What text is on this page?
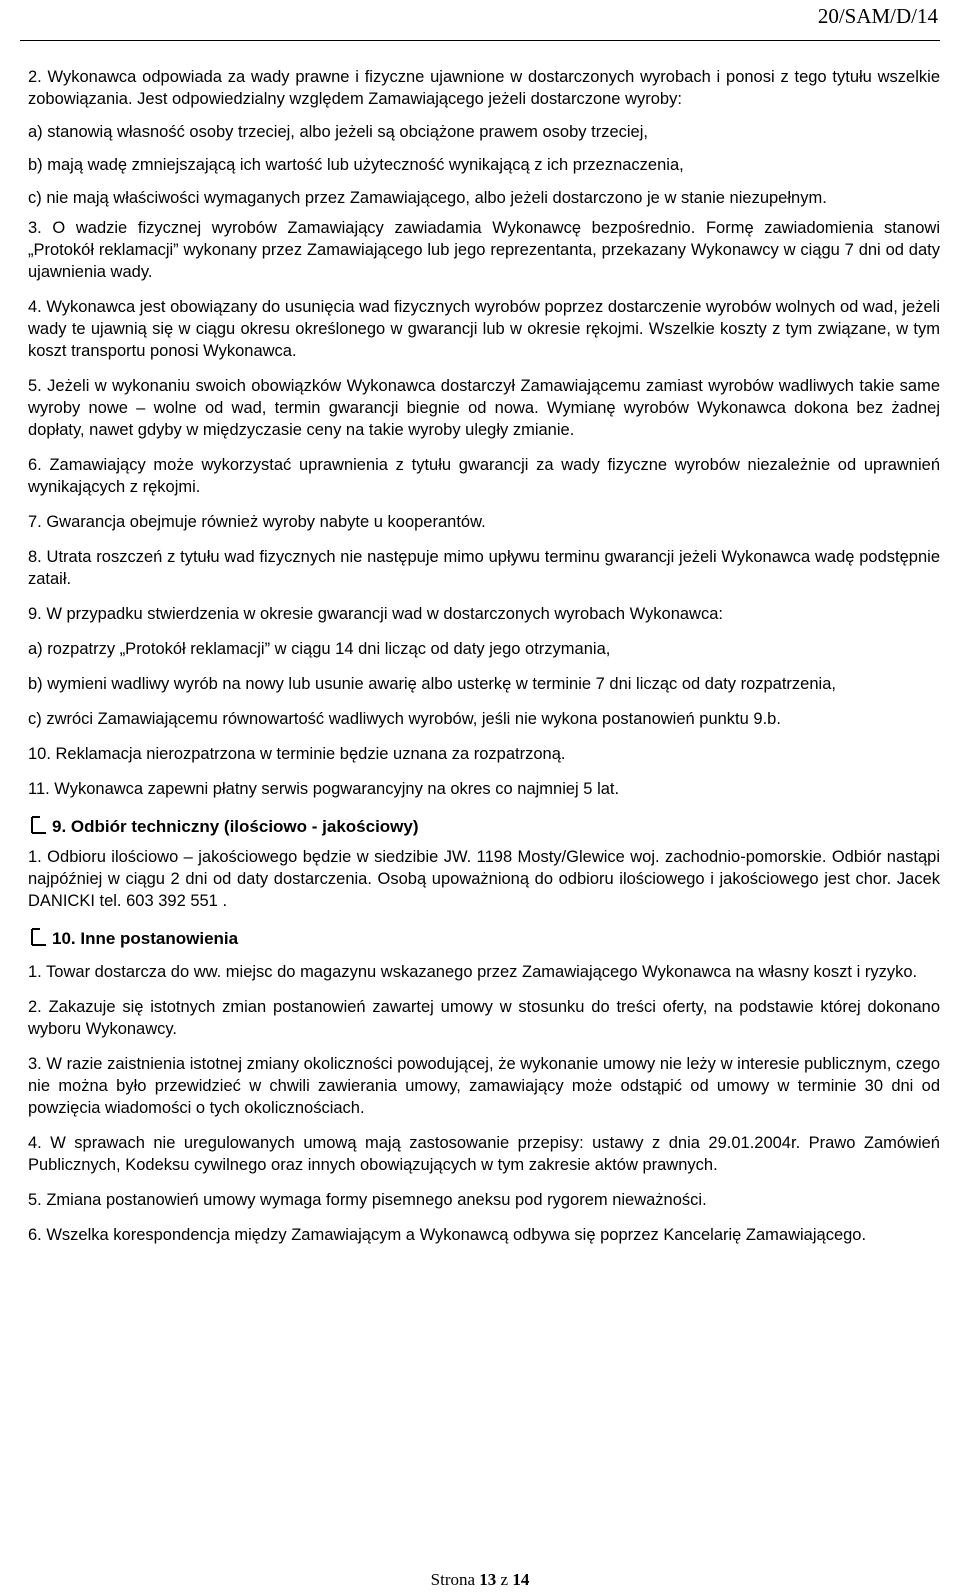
20/SAM/D/14
2. Wykonawca odpowiada za wady prawne i fizyczne ujawnione w dostarczonych wyrobach i ponosi z tego tytułu wszelkie zobowiązania. Jest odpowiedzialny względem Zamawiającego jeżeli dostarczone wyroby:
a) stanowią własność osoby trzeciej, albo jeżeli są obciążone prawem osoby trzeciej,
b) mają wadę zmniejszającą ich wartość lub użyteczność wynikającą z ich przeznaczenia,
c) nie mają właściwości wymaganych przez Zamawiającego, albo jeżeli dostarczono je w stanie niezupełnym.
3. O wadzie fizycznej wyrobów Zamawiający zawiadamia Wykonawcę bezpośrednio. Formę zawiadomienia stanowi „Protokół reklamacji” wykonany przez Zamawiającego lub jego reprezentanta, przekazany Wykonawcy w ciągu 7 dni od daty ujawnienia wady.
4. Wykonawca jest obowiązany do usunięcia wad fizycznych wyrobów poprzez dostarczenie wyrobów wolnych od wad, jeżeli wady te ujawnią się w ciągu okresu określonego w gwarancji lub w okresie rękojmi. Wszelkie koszty z tym związane, w tym koszt transportu ponosi Wykonawca.
5. Jeżeli w wykonaniu swoich obowiązków Wykonawca dostarczył Zamawiającemu zamiast wyrobów wadliwych takie same wyroby nowe – wolne od wad, termin gwarancji biegnie od nowa. Wymianę wyrobów Wykonawca dokona bez żadnej dopłaty, nawet gdyby w międzyczasie ceny na takie wyroby uległy zmianie.
6. Zamawiający może wykorzystać uprawnienia z tytułu gwarancji za wady fizyczne wyrobów niezależnie od uprawnień wynikających z rękojmi.
7. Gwarancja obejmuje również wyroby nabyte u kooperantów.
8. Utrata roszczeń z tytułu wad fizycznych nie następuje mimo upływu terminu gwarancji jeżeli Wykonawca wadę podstępnie zataił.
9. W przypadku stwierdzenia w okresie gwarancji wad w dostarczonych wyrobach Wykonawca:
a) rozpatrzy „Protokół reklamacji” w ciągu 14 dni licząc od daty jego otrzymania,
b) wymieni wadliwy wyrób na nowy lub usunie awarię albo usterkę w terminie 7 dni licząc od daty rozpatrzenia,
c) zwróci Zamawiającemu równowartość wadliwych wyrobów, jeśli nie wykona postanowień punktu 9.b.
10. Reklamacja nierozpatrzona w terminie będzie uznana za rozpatrzoną.
11. Wykonawca zapewni płatny serwis pogwarancyjny na okres co najmniej 5 lat.
9. Odbiór techniczny (ilościowo - jakościowy)
1. Odbioru ilościowo – jakościowego będzie w siedzibie JW. 1198 Mosty/Glewice woj. zachodnio-pomorskie. Odbiór nastąpi najpóźniej w ciągu 2 dni od daty dostarczenia. Osobą upoważnioną do odbioru ilościowego i jakościowego jest chor. Jacek DANICKI tel. 603 392 551 .
10. Inne postanowienia
1. Towar dostarcza do ww. miejsc do magazynu wskazanego przez Zamawiającego Wykonawca na własny koszt i ryzyko.
2. Zakazuje się istotnych zmian postanowień zawartej umowy w stosunku do treści oferty, na podstawie której dokonano wyboru Wykonawcy.
3. W razie zaistnienia istotnej zmiany okoliczności powodującej, że wykonanie umowy nie leży w interesie publicznym, czego nie można było przewidzieć w chwili zawierania umowy, zamawiający może odstąpić od umowy w terminie 30 dni od powzięcia wiadomości o tych okolicznościach.
4. W sprawach nie uregulowanych umową mają zastosowanie przepisy: ustawy z dnia 29.01.2004r. Prawo Zamówień Publicznych, Kodeksu cywilnego oraz innych obowiązujących w tym zakresie aktów prawnych.
5. Zmiana postanowień umowy wymaga formy pisemnego aneksu pod rygorem nieważności.
6. Wszelka korespondencja między Zamawiającym a Wykonawcą odbywa się poprzez Kancelarię Zamawiającego.
Strona 13 z 14
